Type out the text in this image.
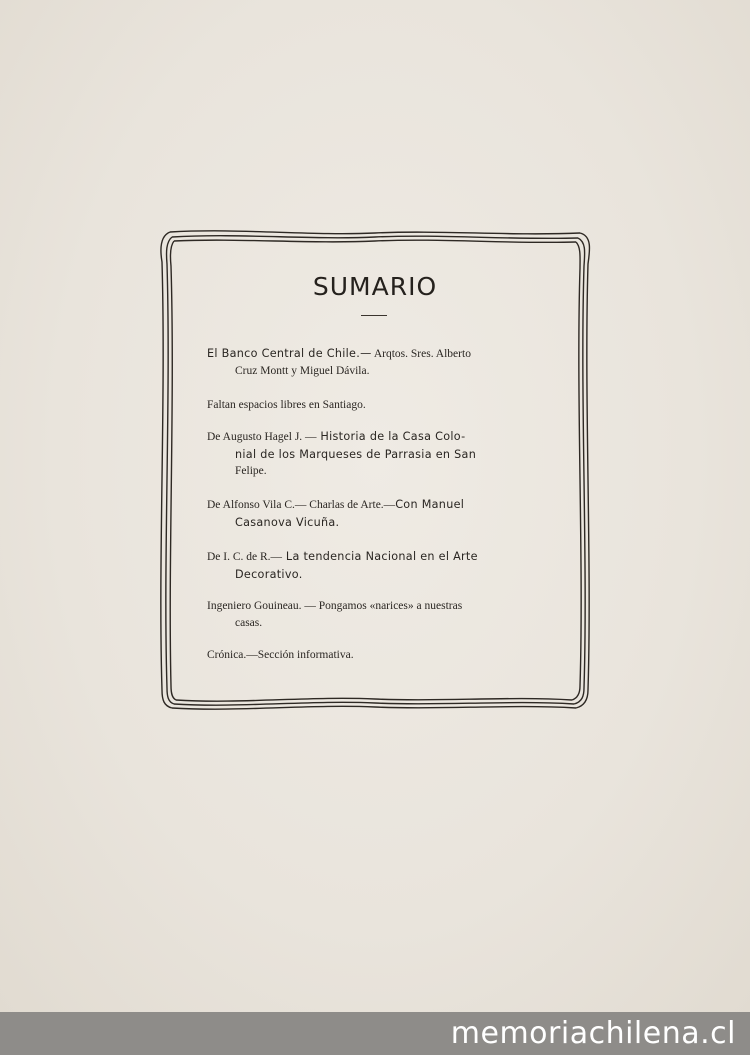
SUMARIO
El Banco Central de Chile.— Arqtos. Sres. Alberto
Cruz Montt y Miguel Dávila.
Faltan espacios libres en Santiago.
De Augusto Hagel J. — Historia de la Casa Colo-
nial de los Marqueses de Parrasia en San
Felipe.
De Alfonso Vila C.— Charlas de Arte.—Con Manuel
Casanova Vicuña.
De I. C. de R.— La tendencia Nacional en el Arte
Decorativo.
Ingeniero Gouineau. — Pongamos «narices» a nuestras
casas.
Crónica.—Sección informativa.
memoriachilena.cl
